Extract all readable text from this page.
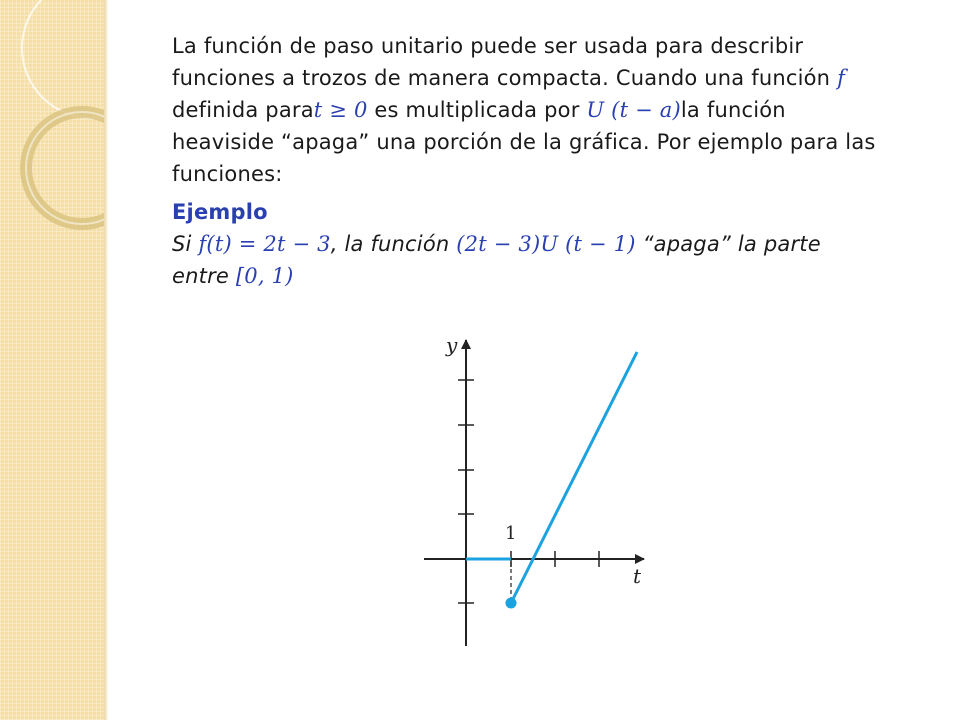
La función de paso unitario puede ser usada para describir

funciones a trozos de manera compacta. Cuando una función f

definida parat ≥ 0 es multiplicada por U (t − a)la función

heaviside “apaga” una porción de la gráfica. Por ejemplo para las

funciones:

Ejemplo

Si f(t) = 2t − 3, la función (2t − 3)U (t − 1) “apaga” la parte

entre [0, 1)

y
t
1
